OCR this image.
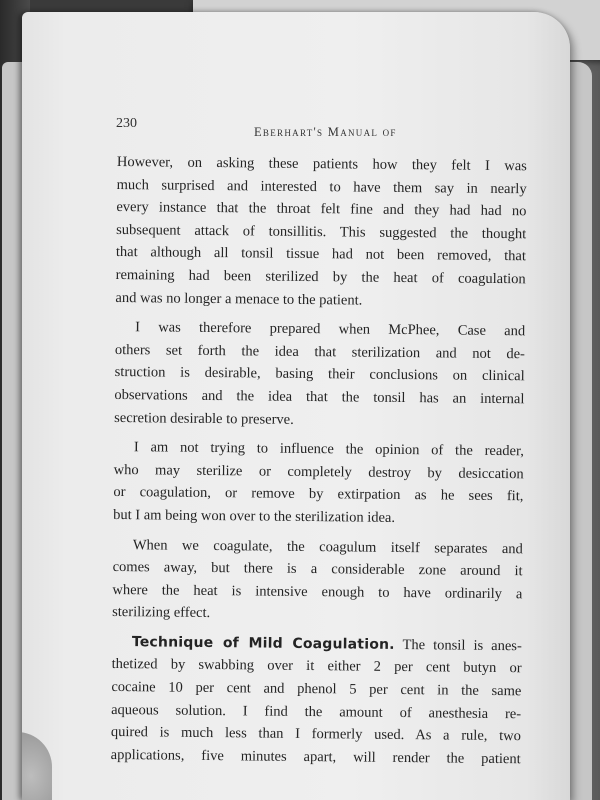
230
Eberhart's Manual of
However, on asking these patients how they felt I was
much surprised and interested to have them say in nearly
every instance that the throat felt fine and they had had no
subsequent attack of tonsillitis. This suggested the thought
that although all tonsil tissue had not been removed, that
remaining had been sterilized by the heat of coagulation
and was no longer a menace to the patient.
I was therefore prepared when McPhee, Case and
others set forth the idea that sterilization and not de-
struction is desirable, basing their conclusions on clinical
observations and the idea that the tonsil has an internal
secretion desirable to preserve.
I am not trying to influence the opinion of the reader,
who may sterilize or completely destroy by desiccation
or coagulation, or remove by extirpation as he sees fit,
but I am being won over to the sterilization idea.
When we coagulate, the coagulum itself separates and
comes away, but there is a considerable zone around it
where the heat is intensive enough to have ordinarily a
sterilizing effect.
Technique of Mild Coagulation. The tonsil is anes-
thetized by swabbing over it either 2 per cent butyn or
cocaine 10 per cent and phenol 5 per cent in the same
aqueous solution. I find the amount of anesthesia re-
quired is much less than I formerly used. As a rule, two
applications, five minutes apart, will render the patient
